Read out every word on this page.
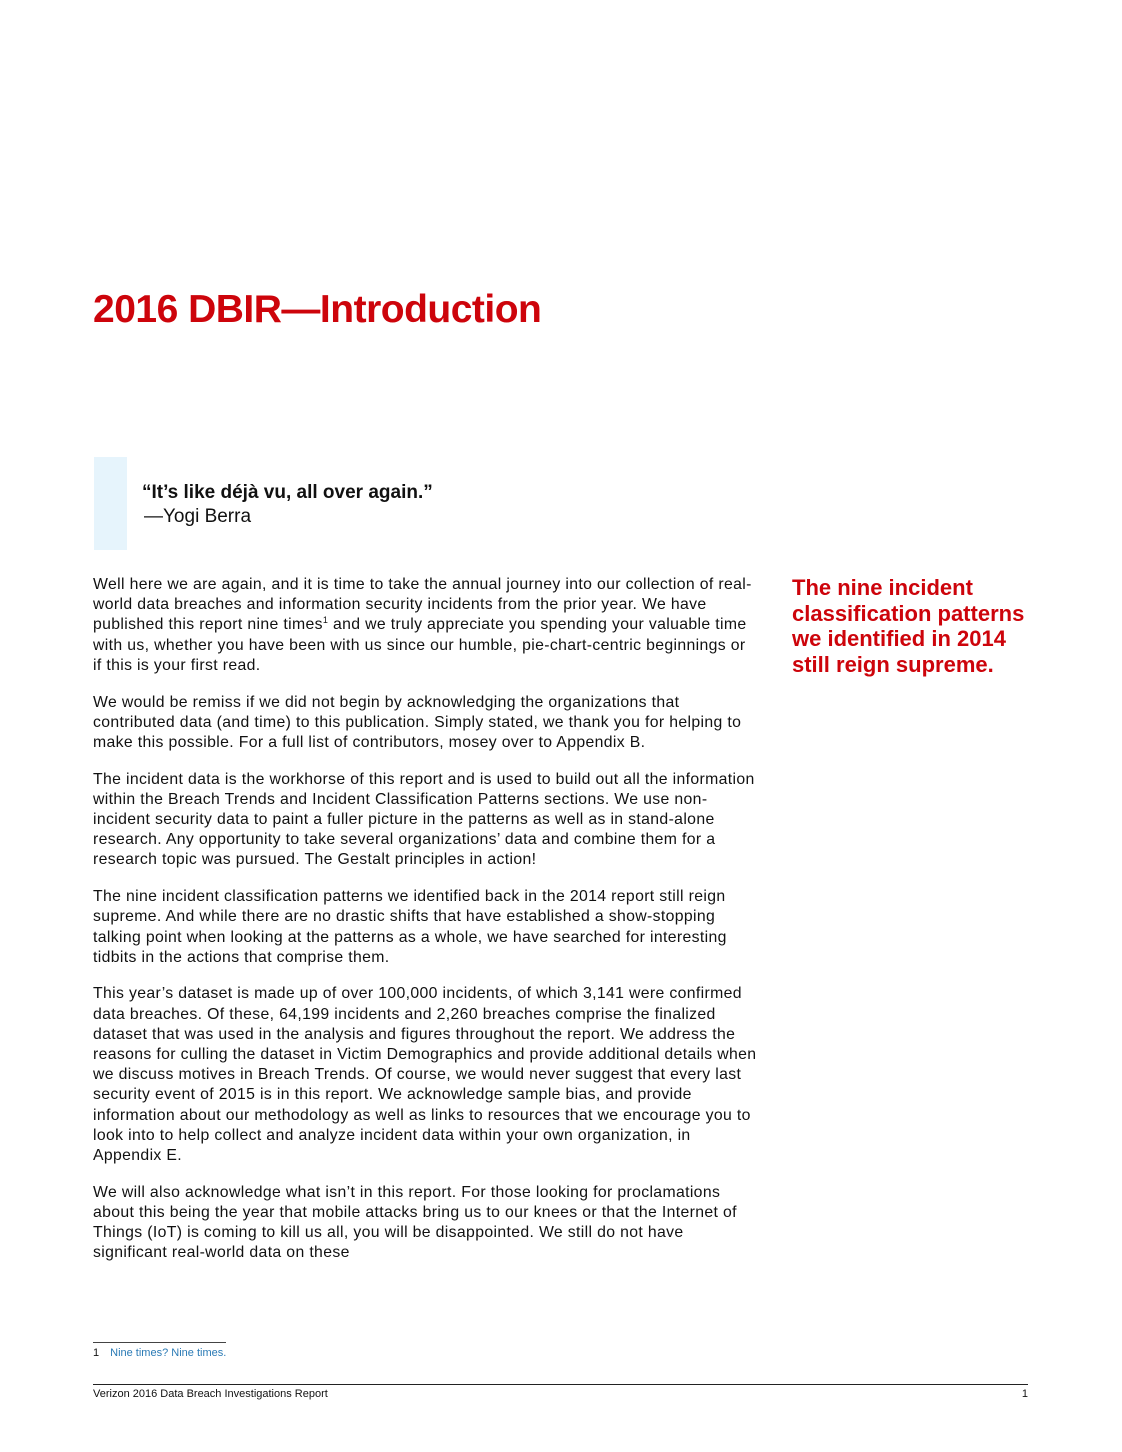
2016 DBIR—Introduction
“It’s like déjà vu, all over again.”
—Yogi Berra

Well here we are again, and it is time to take the annual journey into our collection of real-world data breaches and information security incidents from the prior year. We have published this report nine times$^1$ and we truly appreciate you spending your valuable time with us, whether you have been with us since our humble, pie-chart-centric beginnings or if this is your first read.

We would be remiss if we did not begin by acknowledging the organizations that contributed data (and time) to this publication. Simply stated, we thank you for helping to make this possible. For a full list of contributors, mosey over to Appendix B.

The incident data is the workhorse of this report and is used to build out all the information within the Breach Trends and Incident Classification Patterns sections. We use non-incident security data to paint a fuller picture in the patterns as well as in stand-alone research. Any opportunity to take several organizations’ data and combine them for a research topic was pursued. The Gestalt principles in action!

The nine incident classification patterns we identified back in the 2014 report still reign supreme. And while there are no drastic shifts that have established a show-stopping talking point when looking at the patterns as a whole, we have searched for interesting tidbits in the actions that comprise them.

This year’s dataset is made up of over 100,000 incidents, of which 3,141 were confirmed data breaches. Of these, 64,199 incidents and 2,260 breaches comprise the finalized dataset that was used in the analysis and figures throughout the report. We address the reasons for culling the dataset in Victim Demographics and provide additional details when we discuss motives in Breach Trends. Of course, we would never suggest that every last security event of 2015 is in this report. We acknowledge sample bias, and provide information about our methodology as well as links to resources that we encourage you to look into to help collect and analyze incident data within your own organization, in Appendix E.

We will also acknowledge what isn’t in this report. For those looking for proclamations about this being the year that mobile attacks bring us to our knees or that the Internet of Things (IoT) is coming to kill us all, you will be disappointed. We still do not have significant real-world data on these

The nine incident classification patterns we identified in 2014 still reign supreme.

1 Nine times? Nine times.
Verizon 2016 Data Breach Investigations Report	1
